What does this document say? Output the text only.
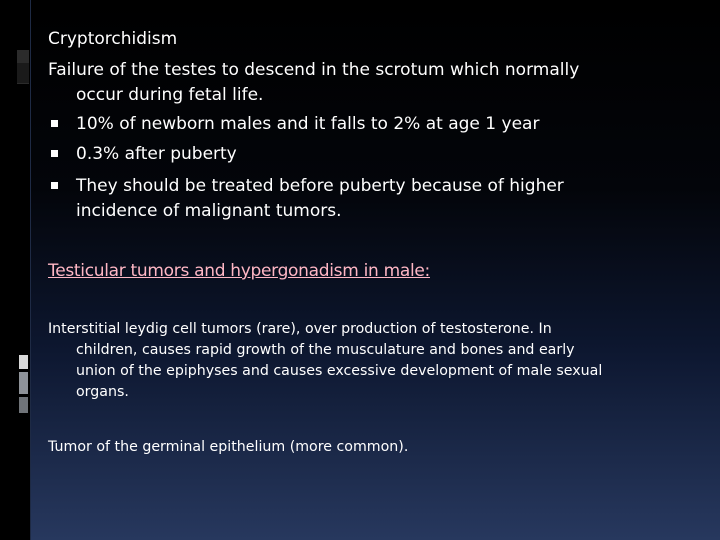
Cryptorchidism
Failure of the testes to descend in the scrotum which normally
occur during fetal life.
10% of newborn males and it falls to 2% at age 1 year
0.3% after puberty
They should be treated before puberty because of higher
incidence of malignant tumors.
Testicular tumors and hypergonadism in male:
Interstitial leydig cell tumors (rare), over production of testosterone. In
children, causes rapid growth of the musculature and bones and early
union of the epiphyses and causes excessive development of male sexual
organs.
Tumor of the germinal epithelium (more common).
